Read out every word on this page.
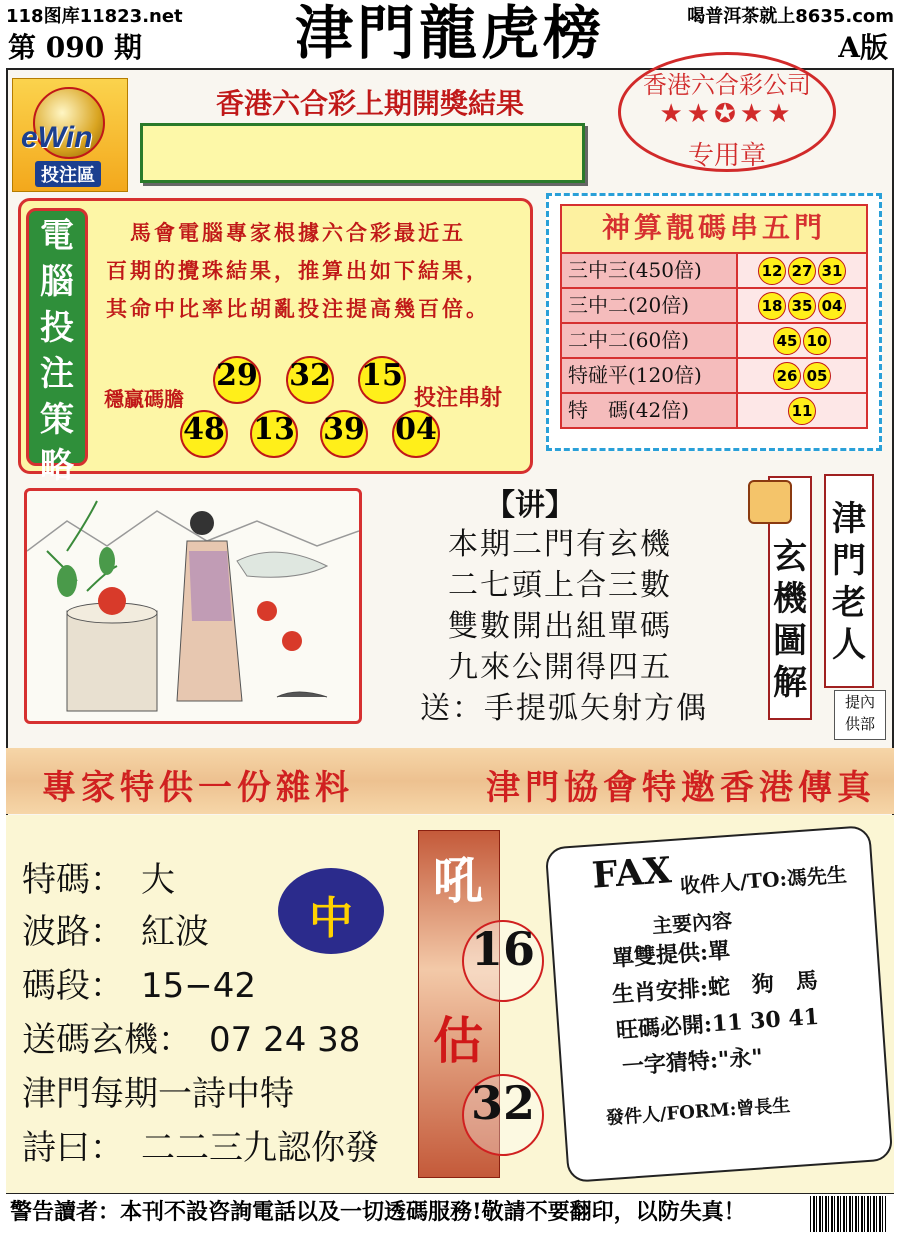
118图库11823.net	喝普洱茶就上8635.com
第 090 期	津門龍虎榜	A版
eWin
投注區
香港六合彩上期開獎結果
香港六合彩公司
★★✪★★
专用章
電
腦
投
注
策
略
　馬會電腦專家根據六合彩最近五
百期的攪珠結果，推算出如下結果，
其命中比率比胡亂投注提高幾百倍。
穩贏碼膽
29 32 15
投注串射
48 13 39 04
神算靚碼串五門
三中三(450倍)	12 27 31
三中二(20倍)	18 35 04
二中二(60倍)	45 10
特碰平(120倍)	26 05
特　碼(42倍)	11
【讲】
本期二門有玄機
二七頭上合三數
雙數開出組單碼
九來公開得四五
送：手提弧矢射方偶
玄
機
圖
解
津
門
老
人
提內
供部
專家特供一份雜料	津門協會特邀香港傳真
特碼：　大
波路：　紅波
碼段：　15−42
送碼玄機：　07 24 38
津門每期一詩中特
詩曰：　二二三九認你發
中
吼
估
16
32
FAX 收件人/TO:馮先生
主要內容
單雙提供:單
生肖安排:蛇　狗　馬
旺碼必開:11 30 41
一字猜特:"永"
發件人/FORM:曾長生
警告讀者：本刊不設咨詢電話以及一切透碼服務!敬請不要翻印，以防失真！
